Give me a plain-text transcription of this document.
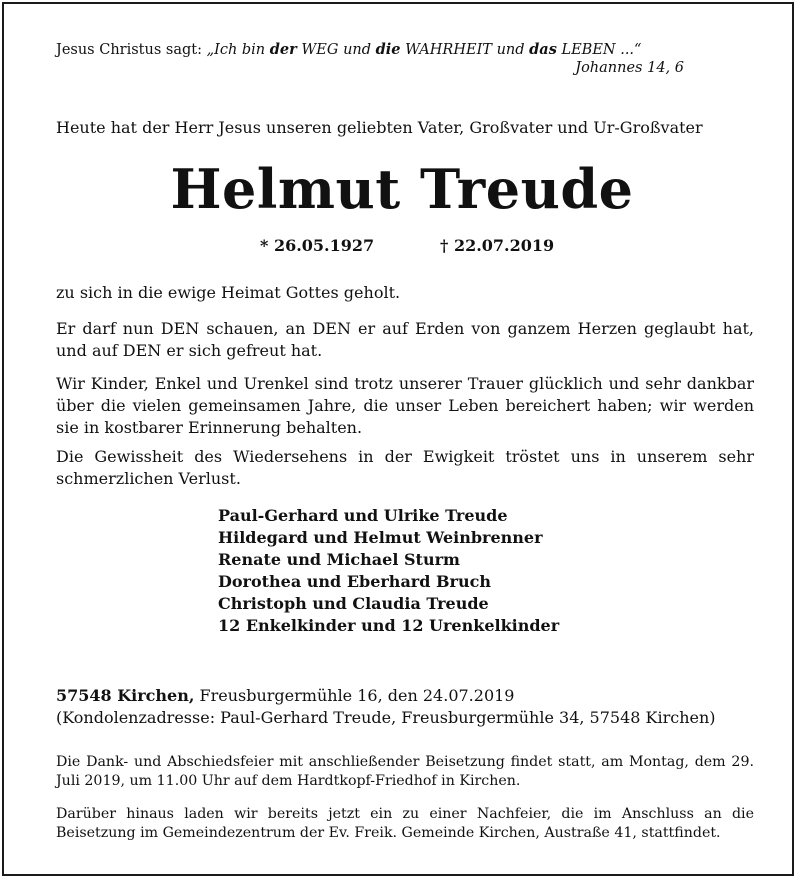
Jesus Christus sagt: „Ich bin der WEG und die WAHRHEIT und das LEBEN ...“
Johannes 14, 6

Heute hat der Herr Jesus unseren geliebten Vater, Großvater und Ur-Großvater

Helmut Treude
* 26.05.1927	† 22.07.2019

zu sich in die ewige Heimat Gottes geholt.

Er darf nun DEN schauen, an DEN er auf Erden von ganzem Herzen geglaubt hat, und auf DEN er sich gefreut hat.

Wir Kinder, Enkel und Urenkel sind trotz unserer Trauer glücklich und sehr dankbar über die vielen gemeinsamen Jahre, die unser Leben bereichert haben; wir werden sie in kostbarer Erinnerung behalten.

Die Gewissheit des Wiedersehens in der Ewigkeit tröstet uns in unserem sehr schmerzlichen Verlust.

Paul-Gerhard und Ulrike Treude
Hildegard und Helmut Weinbrenner
Renate und Michael Sturm
Dorothea und Eberhard Bruch
Christoph und Claudia Treude
12 Enkelkinder und 12 Urenkelkinder
57548 Kirchen, Freusburgermühle 16, den 24.07.2019
(Kondolenzadresse: Paul-Gerhard Treude, Freusburgermühle 34, 57548 Kirchen)

Die Dank- und Abschiedsfeier mit anschließender Beisetzung findet statt, am Montag, dem 29. Juli 2019, um 11.00 Uhr auf dem Hardtkopf-Friedhof in Kirchen.

Darüber hinaus laden wir bereits jetzt ein zu einer Nachfeier, die im Anschluss an die Beisetzung im Gemeindezentrum der Ev. Freik. Gemeinde Kirchen, Austraße 41, stattfindet.
